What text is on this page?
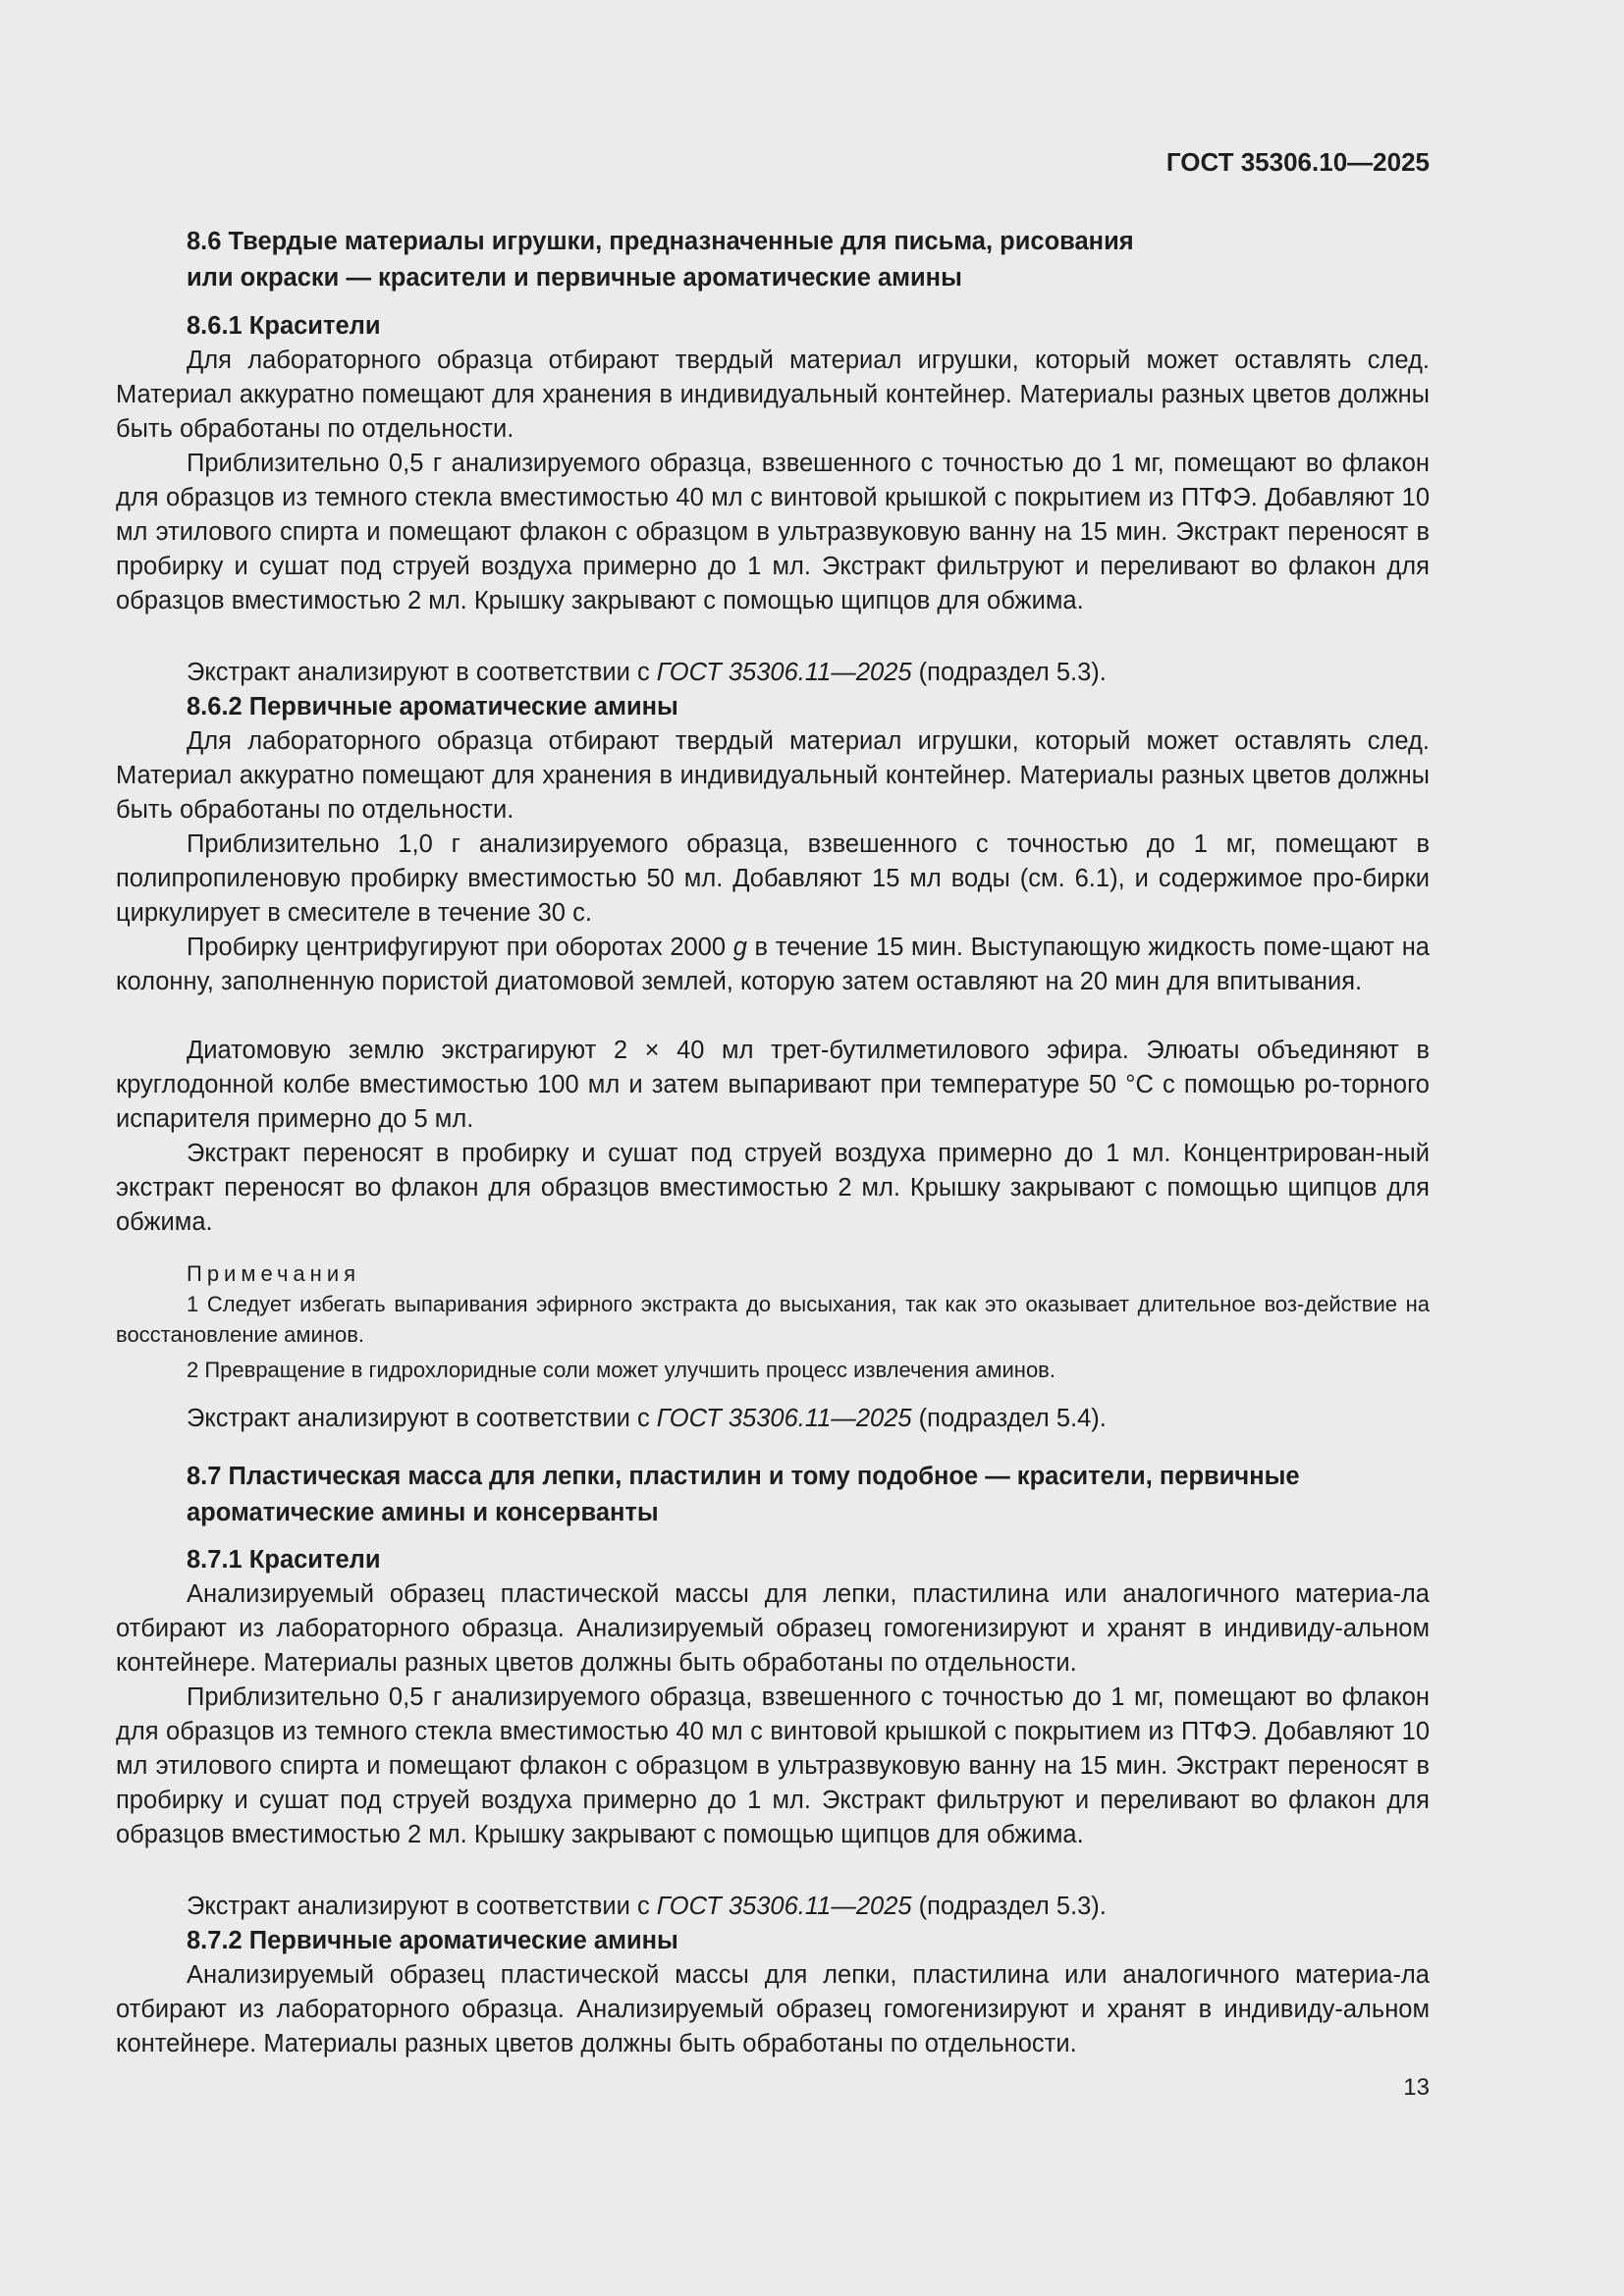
ГОСТ 35306.10—2025
8.6 Твердые материалы игрушки, предназначенные для письма, рисования
или окраски — красители и первичные ароматические амины
8.6.1 Красители
Для лабораторного образца отбирают твердый материал игрушки, который может оставлять след. Материал аккуратно помещают для хранения в индивидуальный контейнер. Материалы разных цветов должны быть обработаны по отдельности.
Приблизительно 0,5 г анализируемого образца, взвешенного с точностью до 1 мг, помещают во флакон для образцов из темного стекла вместимостью 40 мл с винтовой крышкой с покрытием из ПТФЭ. Добавляют 10 мл этилового спирта и помещают флакон с образцом в ультразвуковую ванну на 15 мин. Экстракт переносят в пробирку и сушат под струей воздуха примерно до 1 мл. Экстракт фильтруют и переливают во флакон для образцов вместимостью 2 мл. Крышку закрывают с помощью щипцов для обжима.
Экстракт анализируют в соответствии с ГОСТ 35306.11—2025 (подраздел 5.3).
8.6.2 Первичные ароматические амины
Для лабораторного образца отбирают твердый материал игрушки, который может оставлять след. Материал аккуратно помещают для хранения в индивидуальный контейнер. Материалы разных цветов должны быть обработаны по отдельности.
Приблизительно 1,0 г анализируемого образца, взвешенного с точностью до 1 мг, помещают в полипропиленовую пробирку вместимостью 50 мл. Добавляют 15 мл воды (см. 6.1), и содержимое про-бирки циркулирует в смесителе в течение 30 с.
Пробирку центрифугируют при оборотах 2000 g в течение 15 мин. Выступающую жидкость поме-щают на колонну, заполненную пористой диатомовой землей, которую затем оставляют на 20 мин для впитывания.
Диатомовую землю экстрагируют 2 × 40 мл трет-бутилметилового эфира. Элюаты объединяют в круглодонной колбе вместимостью 100 мл и затем выпаривают при температуре 50 °С с помощью ро-торного испарителя примерно до 5 мл.
Экстракт переносят в пробирку и сушат под струей воздуха примерно до 1 мл. Концентрирован-ный экстракт переносят во флакон для образцов вместимостью 2 мл. Крышку закрывают с помощью щипцов для обжима.
Примечания
1 Следует избегать выпаривания эфирного экстракта до высыхания, так как это оказывает длительное воз-действие на восстановление аминов.
2 Превращение в гидрохлоридные соли может улучшить процесс извлечения аминов.
Экстракт анализируют в соответствии с ГОСТ 35306.11—2025 (подраздел 5.4).
8.7 Пластическая масса для лепки, пластилин и тому подобное — красители, первичные
ароматические амины и консерванты
8.7.1 Красители
Анализируемый образец пластической массы для лепки, пластилина или аналогичного материа-ла отбирают из лабораторного образца. Анализируемый образец гомогенизируют и хранят в индивиду-альном контейнере. Материалы разных цветов должны быть обработаны по отдельности.
Приблизительно 0,5 г анализируемого образца, взвешенного с точностью до 1 мг, помещают во флакон для образцов из темного стекла вместимостью 40 мл с винтовой крышкой с покрытием из ПТФЭ. Добавляют 10 мл этилового спирта и помещают флакон с образцом в ультразвуковую ванну на 15 мин. Экстракт переносят в пробирку и сушат под струей воздуха примерно до 1 мл. Экстракт фильтруют и переливают во флакон для образцов вместимостью 2 мл. Крышку закрывают с помощью щипцов для обжима.
Экстракт анализируют в соответствии с ГОСТ 35306.11—2025 (подраздел 5.3).
8.7.2 Первичные ароматические амины
Анализируемый образец пластической массы для лепки, пластилина или аналогичного материа-ла отбирают из лабораторного образца. Анализируемый образец гомогенизируют и хранят в индивиду-альном контейнере. Материалы разных цветов должны быть обработаны по отдельности.
13
